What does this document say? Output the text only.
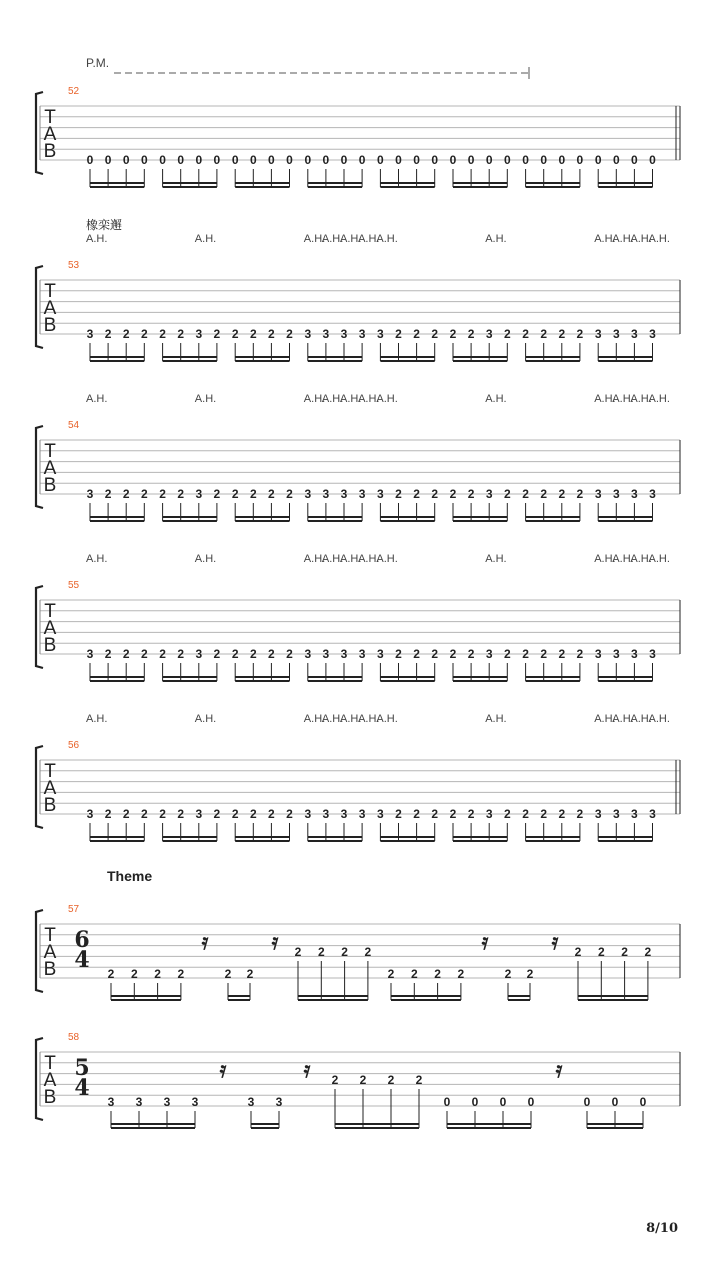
T
A
B
52
0 0 0 0 0 0 0 0 0 0 0 0 0 0 0 0 0 0 0 0 0 0 0 0 0 0 0 0 0 0 0 0
P.M.
T
A
B
53
3 2 2 2 2 2 3 2 2 2 2 2 3 3 3 3 3 2 2 2 2 2 3 2 2 2 2 2 3 3 3 3
橡栾邂
A.H.	A.H.	A.H.
A.H.
A.H.
A.H.
A.H.	A.H.	A.H.
A.H.
A.H.
A.H.
T
A
B
54
3 2 2 2 2 2 3 2 2 2 2 2 3 3 3 3 3 2 2 2 2 2 3 2 2 2 2 2 3 3 3 3
A.H.	A.H.	A.H.
A.H.
A.H.
A.H.
A.H.	A.H.	A.H.
A.H.
A.H.
A.H.
T
A
B
55
3 2 2 2 2 2 3 2 2 2 2 2 3 3 3 3 3 2 2 2 2 2 3 2 2 2 2 2 3 3 3 3
A.H.	A.H.	A.H.
A.H.
A.H.
A.H.
A.H.	A.H.	A.H.
A.H.
A.H.
A.H.
T
A
B
56
3 2 2 2 2 2 3 2 2 2 2 2 3 3 3 3 3 2 2 2 2 2 3 2 2 2 2 2 3 3 3 3
A.H.	A.H.	A.H.
A.H.
A.H.
A.H.
A.H.	A.H.	A.H.
A.H.
A.H.
A.H.
T
A
B
57
6
4
Theme
2 2 2 2
𝄿
2 2
𝄿 2 2 2 2
2 2 2 2
𝄿
2 2
𝄿 2 2 2 2
T
A
B
58
5
4
3 3 3 3
𝄿
3 3
𝄿 2 2 2 2
0 0 0 0
𝄿
0 0 0
8/10
